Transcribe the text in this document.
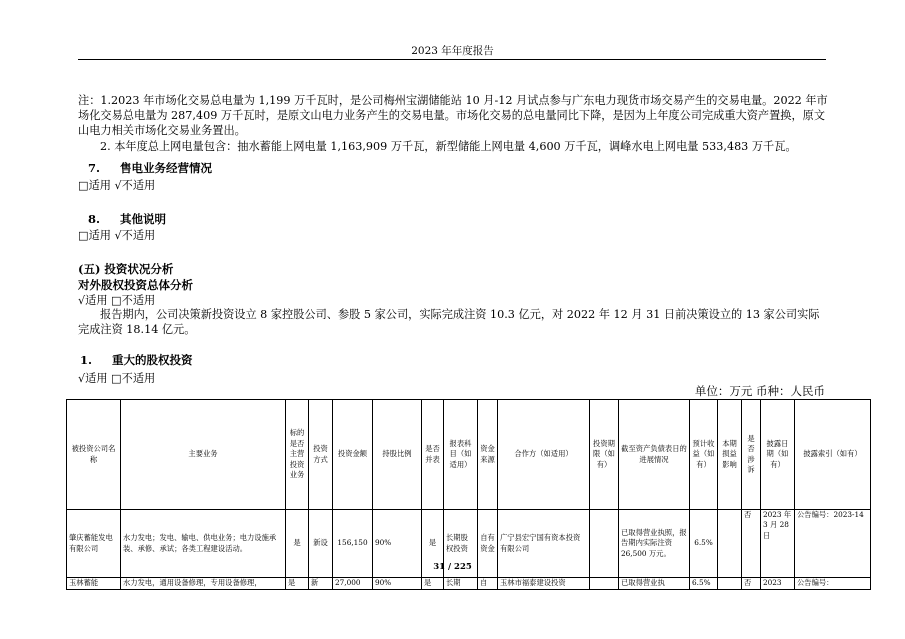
2023 年年度报告
注：1.2023 年市场化交易总电量为 1,199 万千瓦时，是公司梅州宝湖储能站 10 月-12 月试点参与广东电力现货市场交易产生的交易电量。2022 年市场化交易总电量为 287,409 万千瓦时，是原文山电力业务产生的交易电量。市场化交易的总电量同比下降，是因为上年度公司完成重大资产置换，原文山电力相关市场化交易业务置出。
2. 本年度总上网电量包含：抽水蓄能上网电量 1,163,909 万千瓦，新型储能上网电量 4,600 万千瓦，调峰水电上网电量 533,483 万千瓦。
7. 售电业务经营情况
□适用 √不适用
8. 其他说明
□适用 √不适用
(五) 投资状况分析
对外股权投资总体分析
√适用 □不适用
报告期内，公司决策新投资设立 8 家控股公司、参股 5 家公司，实际完成注资 10.3 亿元，对 2022 年 12 月 31 日前决策设立的 13 家公司实际完成注资 18.14 亿元。
1. 重大的股权投资
√适用 □不适用
单位：万元 币种：人民币
被投资公司名称	主要业务	标的是否主营投资业务	投资方式	投资金额	持股比例	是否并表	报表科目（如适用）	资金来源	合作方（如适用）	投资期限（如有）	截至资产负债表日的进展情况	预计收益（如有）	本期损益影响	是否涉诉	披露日期（如有）	披露索引（如有）
肇庆蓄能发电有限公司	水力发电；发电、输电、供电业务；电力设施承装、承修、承试；各类工程建设活动。	是	新设	156,150	90%	是	长期股权投资	自有资金	广宁县宏宁国有资本投资有限公司		已取得营业执照，报告期内实际注资 26,500 万元。	6.5%		否	2023 年 3 月 28 日	公告编号：2023-14
玉林蓄能	水力发电，通用设备修理，专用设备修理，	是	新	27,000	90%	是	长期	自	玉林市福泰建设投资		已取得营业执	6.5%		否	2023	公告编号：
31 / 225
